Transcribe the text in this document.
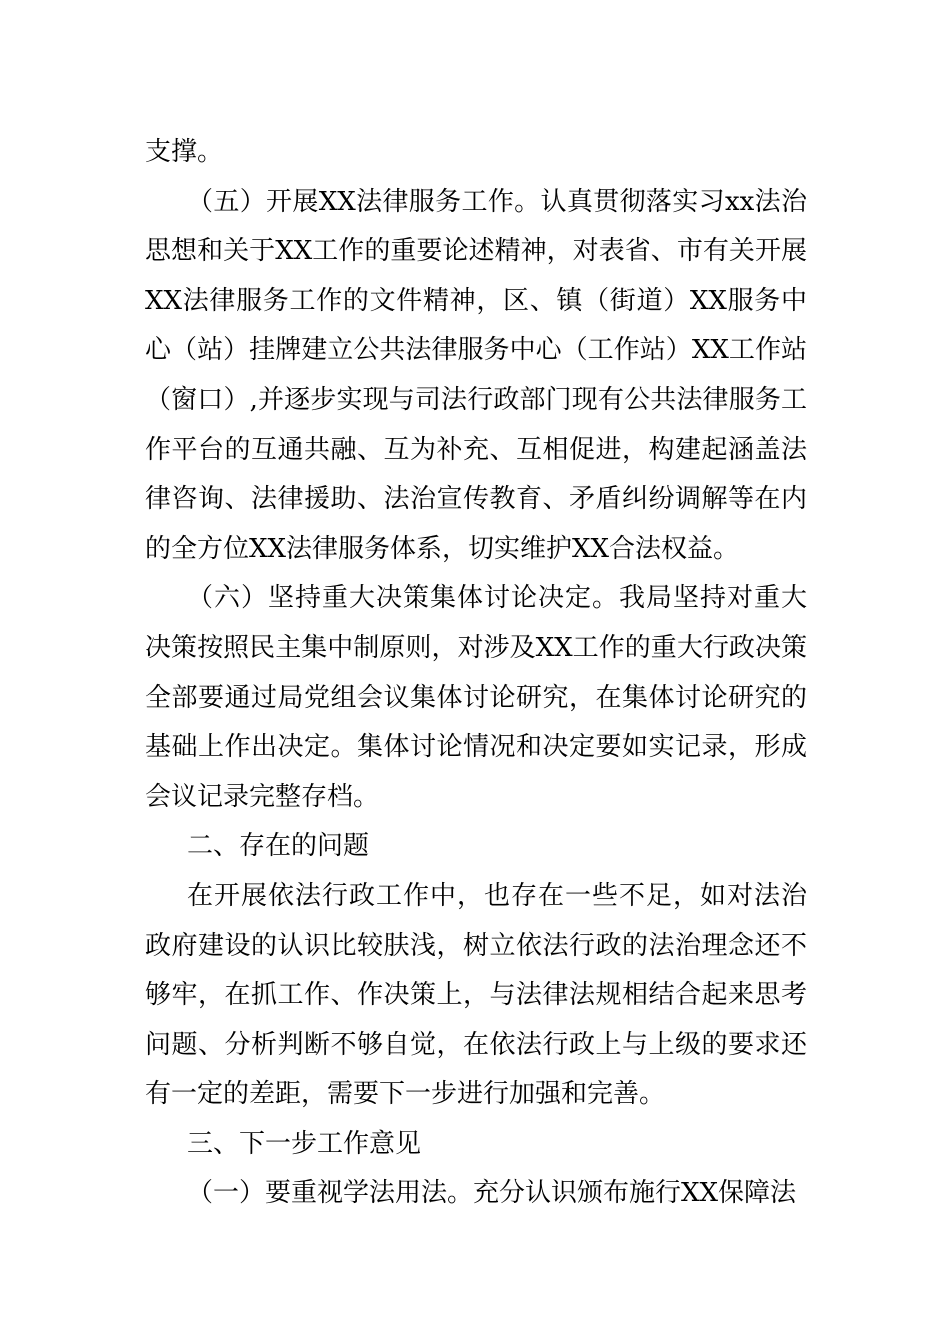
支撑。

（五）开展XX法律服务工作。认真贯彻落实习xx法治思想和关于XX工作的重要论述精神，对表省、市有关开展XX法律服务工作的文件精神，区、镇（街道）XX服务中心（站）挂牌建立公共法律服务中心（工作站）XX工作站（窗口）,并逐步实现与司法行政部门现有公共法律服务工作平台的互通共融、互为补充、互相促进，构建起涵盖法律咨询、法律援助、法治宣传教育、矛盾纠纷调解等在内的全方位XX法律服务体系，切实维护XX合法权益。

（六）坚持重大决策集体讨论决定。我局坚持对重大决策按照民主集中制原则，对涉及XX工作的重大行政决策全部要通过局党组会议集体讨论研究，在集体讨论研究的基础上作出决定。集体讨论情况和决定要如实记录，形成会议记录完整存档。

二、存在的问题

在开展依法行政工作中，也存在一些不足，如对法治政府建设的认识比较肤浅，树立依法行政的法治理念还不够牢，在抓工作、作决策上，与法律法规相结合起来思考问题、分析判断不够自觉，在依法行政上与上级的要求还有一定的差距，需要下一步进行加强和完善。

三、下一步工作意见

（一）要重视学法用法。充分认识颁布施行XX保障法
